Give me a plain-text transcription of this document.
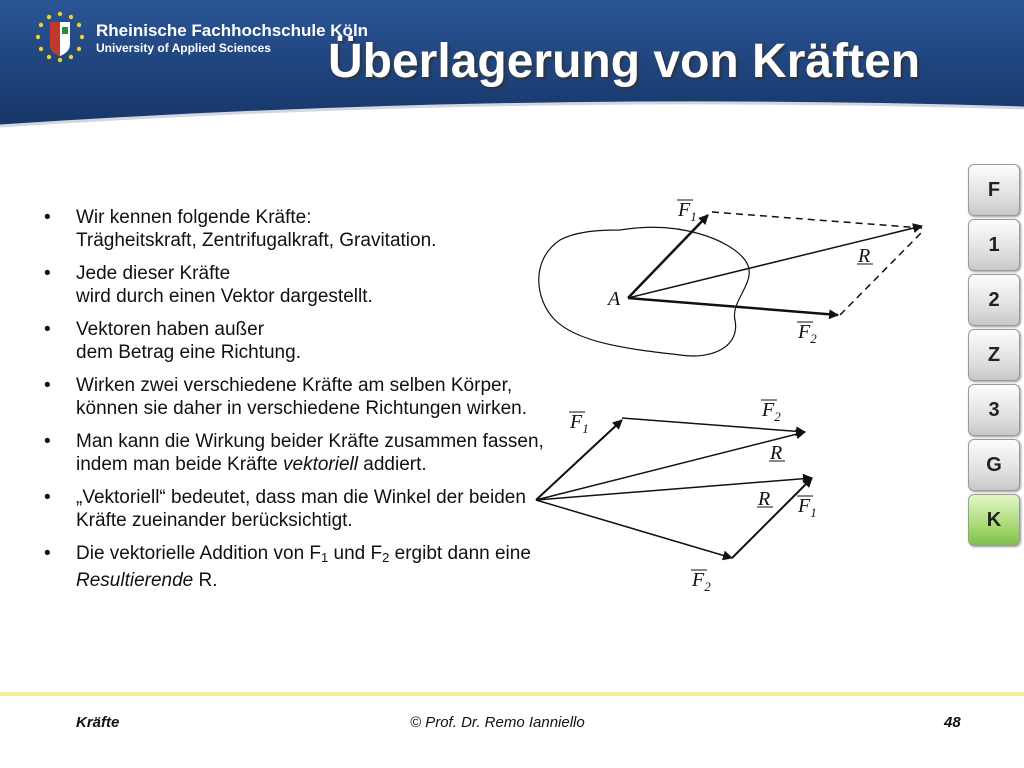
Rheinische Fachhochschule Köln
University of Applied Sciences Überlagerung von Kräften
• Wir kennen folgende Kräfte:
Trägheitskraft, Zentrifugalkraft, Gravitation.
• Jede dieser Kräfte
wird durch einen Vektor dargestellt.
• Vektoren haben außer
dem Betrag eine Richtung.
• Wirken zwei verschiedene Kräfte am selben Körper, können sie daher in verschiedene Richtungen wirken.
• Man kann die Wirkung beider Kräfte zusammen fassen, indem man beide Kräfte vektoriell addiert.
• „Vektoriell“ bedeutet, dass man die Winkel der beiden Kräfte zueinander berücksichtigt.
• Die vektorielle Addition von $F_1$ und $F_2$ ergibt dann eine Resultierende R.
A
$F_1$
$F_2$
R
$F_1$
$F_2$
R
R $F_1$
$F_2$
F
1
2
Z
3
G
K
Kräfte	© Prof. Dr. Remo Ianniello	48
